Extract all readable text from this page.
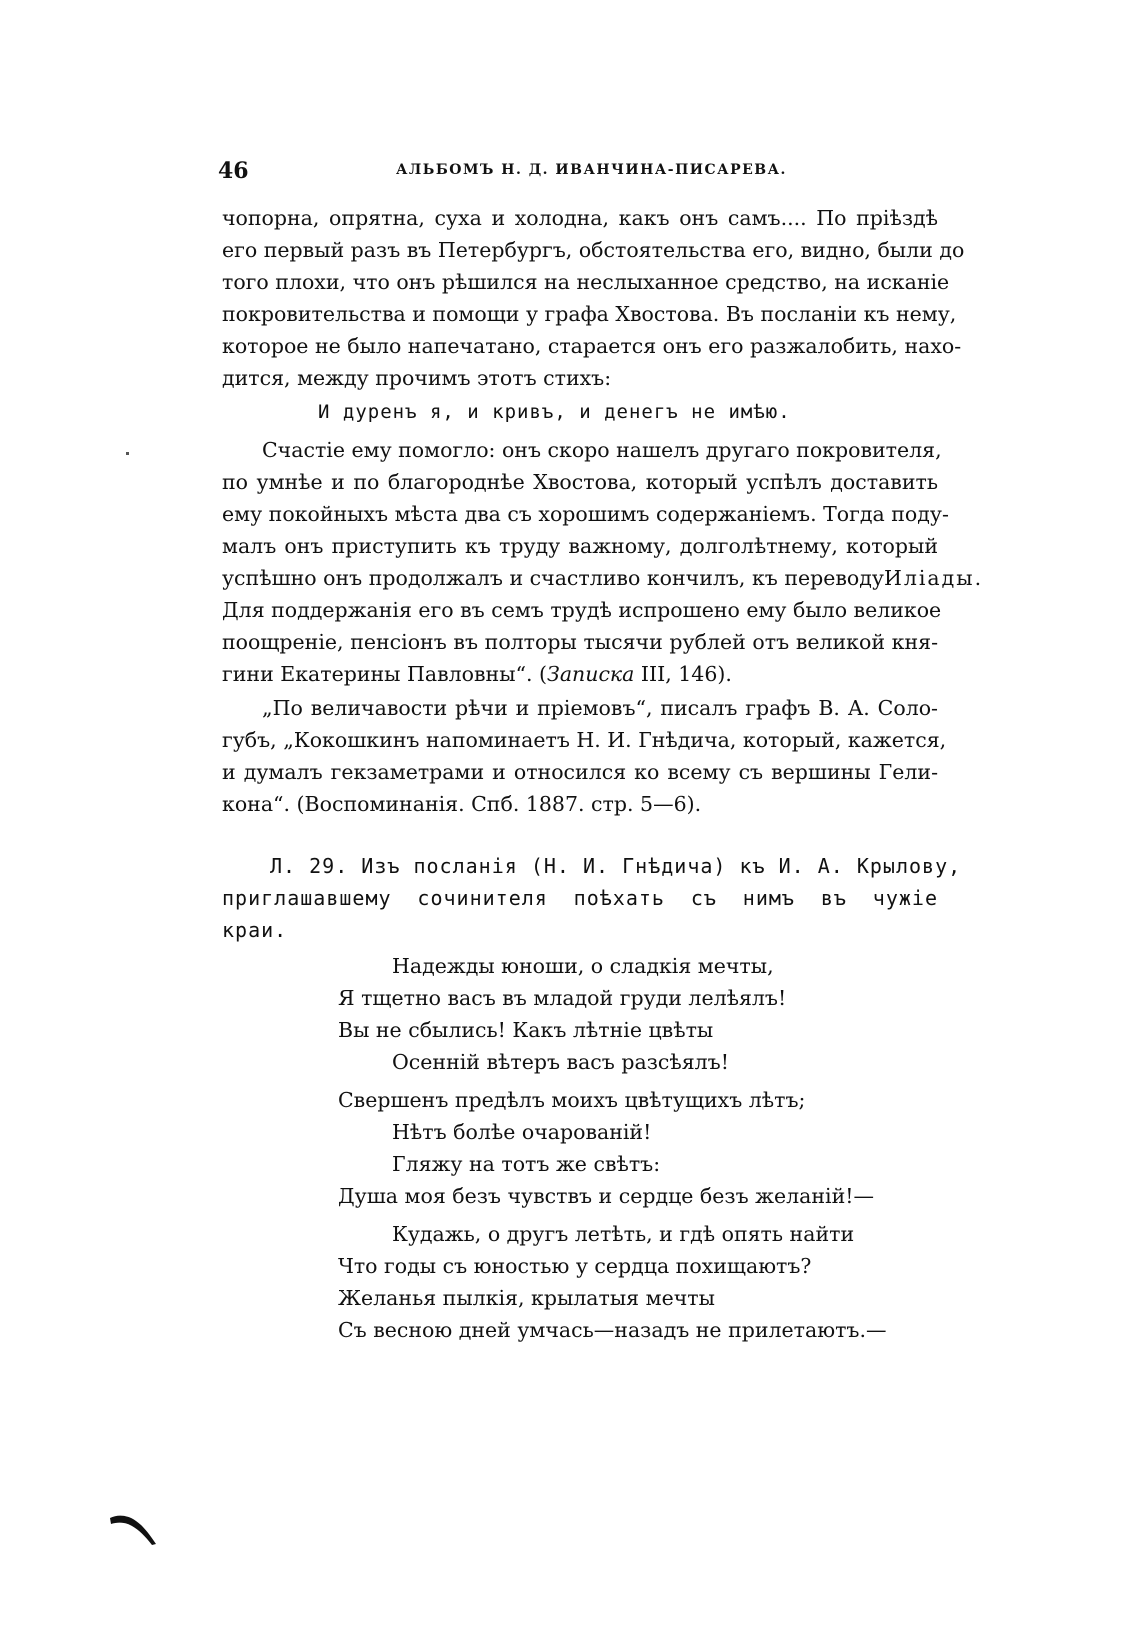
46	АЛЬБОМЪ Н. Д. ИВАНЧИНА-ПИСАРЕВА.
чопорна, опрятна, суха и холодна, какъ онъ самъ.... По пріѣздѣ
его первый разъ въ Петербургъ, обстоятельства его, видно, были до
того плохи, что онъ рѣшился на неслыханное средство, на исканіе
покровительства и помощи у графа Хвостова. Въ посланіи къ нему,
которое не было напечатано, старается онъ его разжалобить, нахо-
дится, между прочимъ этотъ стихъ:
И дуренъ я, и кривъ, и денегъ не имѣю.
Счастіе ему помогло: онъ скоро нашелъ другаго покровителя,
по умнѣе и по благороднѣе Хвостова, который успѣлъ доставить
ему покойныхъ мѣста два съ хорошимъ содержаніемъ. Тогда поду-
малъ онъ приступить къ труду важному, долголѣтнему, который
успѣшно онъ продолжалъ и счастливо кончилъ, къ переводу Иліады.
Для поддержанія его въ семъ трудѣ испрошено ему было великое
поощреніе, пенсіонъ въ полторы тысячи рублей отъ великой кня-
гини Екатерины Павловны“. (Записка III, 146).
„По величавости рѣчи и пріемовъ“, писалъ графъ В. А. Соло-
губъ, „Кокошкинъ напоминаетъ Н. И. Гнѣдича, который, кажется,
и думалъ гекзаметрами и относился ко всему съ вершины Гели-
кона“. (Воспоминанія. Спб. 1887. стр. 5—6).
Л. 29. Изъ посланія (Н. И. Гнѣдича) къ И. А. Крылову,
приглашавшему сочинителя поѣхать съ нимъ въ чужіе
краи.
Надежды юноши, о сладкія мечты,
Я тщетно васъ въ младой груди лелѣялъ!
Вы не сбылись! Какъ лѣтніе цвѣты
Осенній вѣтеръ васъ разсѣялъ!
Свершенъ предѣлъ моихъ цвѣтущихъ лѣтъ;
Нѣтъ болѣе очарованій!
Гляжу на тотъ же свѣтъ:
Душа моя безъ чувствъ и сердце безъ желаній!—
Кудажь, о другъ летѣть, и гдѣ опять найти
Что годы съ юностью у сердца похищаютъ?
Желанья пылкія, крылатыя мечты
Съ весною дней умчась—назадъ не прилетаютъ.—
